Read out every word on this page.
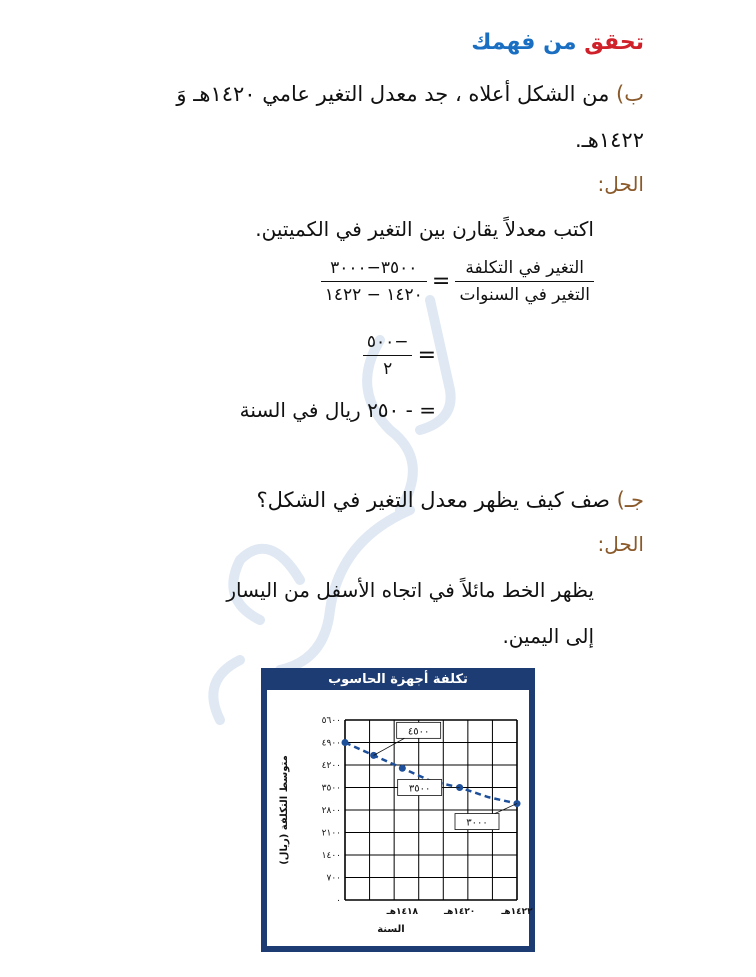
تحقق من فهمك
ب) من الشكل أعلاه ، جد معدل التغير عامي ١٤٢٠هـ وَ
١٤٢٢هـ.
الحل:
اكتب معدلاً يقارن بين التغير في الكميتين.
$\frac{\text{التغير في التكلفة}}{\text{التغير في السنوات}}$
=
$\frac{٣٥٠٠-٣٠٠٠}{١٤٢٠ - ١٤٢٢}$
=
$\frac{-٥٠٠}{٢}$
= - ٢٥٠ ريال في السنة
جـ) صف كيف يظهر معدل التغير في الشكل؟
الحل:
يظهر الخط مائلاً في اتجاه الأسفل من اليسار
إلى اليمين.
تكلفة أجهزة الحاسوب
٥٦٠٠
٤٩٠٠
٤٢٠٠
٣٥٠٠
٢٨٠٠
٢١٠٠
١٤٠٠
٧٠٠
٠
١٤١٨هـ	١٤٢٠هـ	١٤٢٢هـ
السنة
متوسط التكلفة (ريال)
٤٥٠٠
٣٥٠٠
٣٠٠٠
